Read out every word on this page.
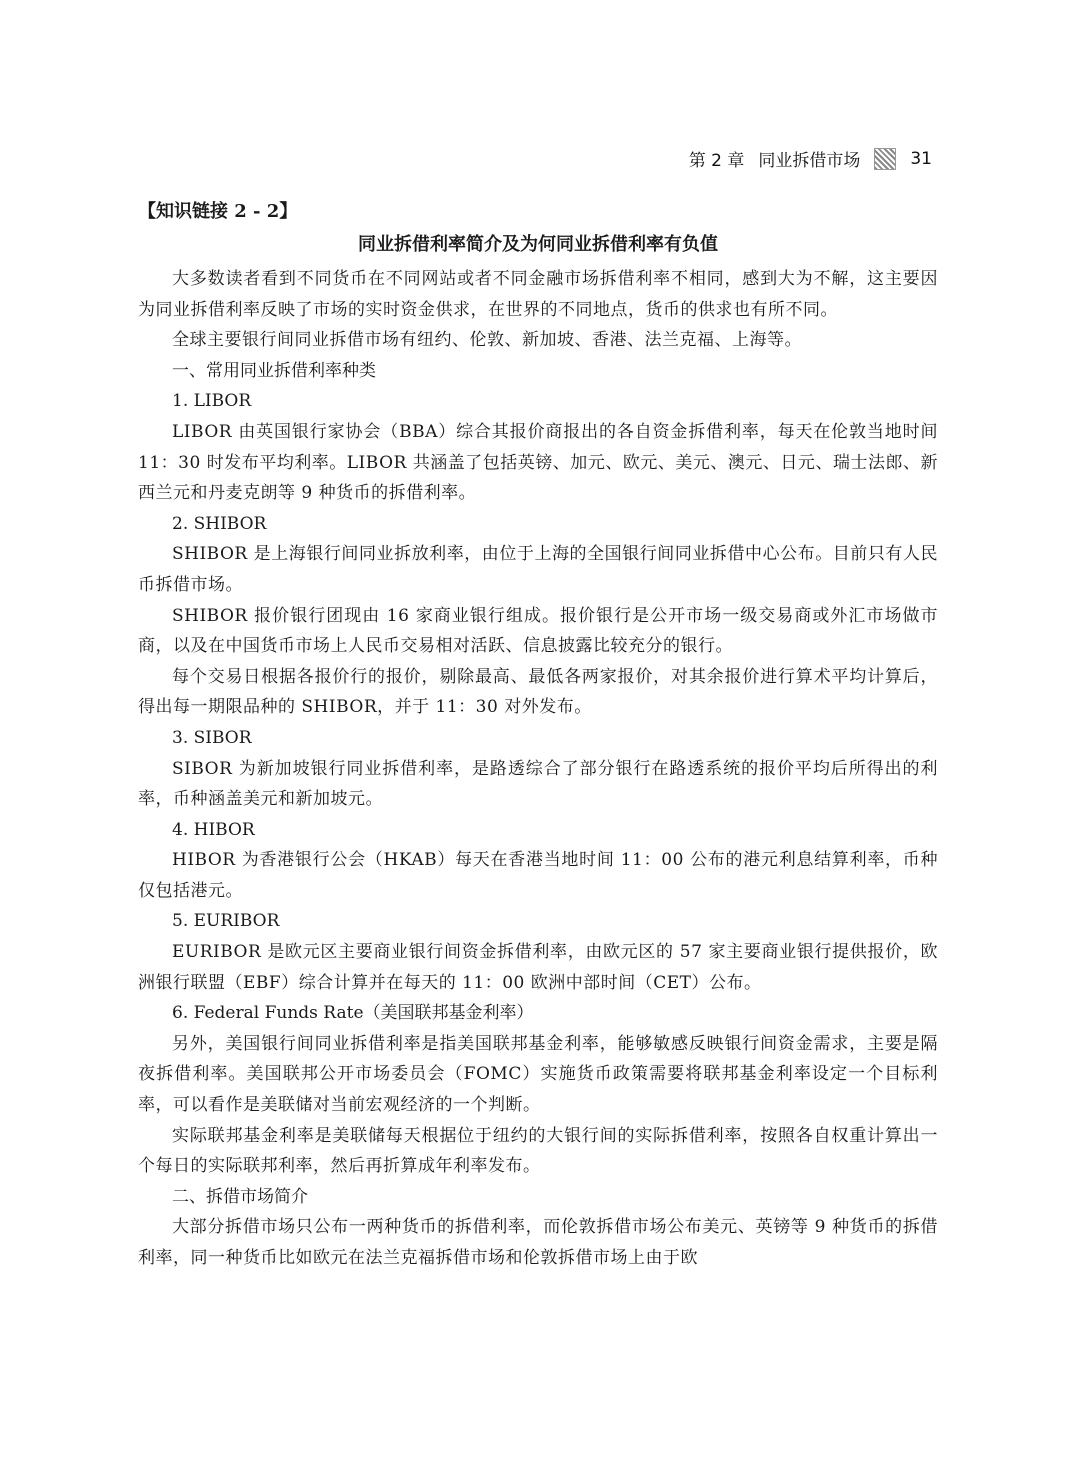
第 2 章 同业拆借市场	31
【知识链接 2 - 2】
同业拆借利率简介及为何同业拆借利率有负值

大多数读者看到不同货币在不同网站或者不同金融市场拆借利率不相同，感到大为不解，这主要因为同业拆借利率反映了市场的实时资金供求，在世界的不同地点，货币的供求也有所不同。

全球主要银行间同业拆借市场有纽约、伦敦、新加坡、香港、法兰克福、上海等。

一、常用同业拆借利率种类

1. LIBOR

LIBOR 由英国银行家协会（BBA）综合其报价商报出的各自资金拆借利率，每天在伦敦当地时间 11：30 时发布平均利率。LIBOR 共涵盖了包括英镑、加元、欧元、美元、澳元、日元、瑞士法郎、新西兰元和丹麦克朗等 9 种货币的拆借利率。

2. SHIBOR

SHIBOR 是上海银行间同业拆放利率，由位于上海的全国银行间同业拆借中心公布。目前只有人民币拆借市场。

SHIBOR 报价银行团现由 16 家商业银行组成。报价银行是公开市场一级交易商或外汇市场做市商，以及在中国货币市场上人民币交易相对活跃、信息披露比较充分的银行。

每个交易日根据各报价行的报价，剔除最高、最低各两家报价，对其余报价进行算术平均计算后，得出每一期限品种的 SHIBOR，并于 11：30 对外发布。

3. SIBOR

SIBOR 为新加坡银行同业拆借利率，是路透综合了部分银行在路透系统的报价平均后所得出的利率，币种涵盖美元和新加坡元。

4. HIBOR

HIBOR 为香港银行公会（HKAB）每天在香港当地时间 11：00 公布的港元利息结算利率，币种仅包括港元。

5. EURIBOR

EURIBOR 是欧元区主要商业银行间资金拆借利率，由欧元区的 57 家主要商业银行提供报价，欧洲银行联盟（EBF）综合计算并在每天的 11：00 欧洲中部时间（CET）公布。

6. Federal Funds Rate（美国联邦基金利率）

另外，美国银行间同业拆借利率是指美国联邦基金利率，能够敏感反映银行间资金需求，主要是隔夜拆借利率。美国联邦公开市场委员会（FOMC）实施货币政策需要将联邦基金利率设定一个目标利率，可以看作是美联储对当前宏观经济的一个判断。

实际联邦基金利率是美联储每天根据位于纽约的大银行间的实际拆借利率，按照各自权重计算出一个每日的实际联邦利率，然后再折算成年利率发布。

二、拆借市场简介

大部分拆借市场只公布一两种货币的拆借利率，而伦敦拆借市场公布美元、英镑等 9 种货币的拆借利率，同一种货币比如欧元在法兰克福拆借市场和伦敦拆借市场上由于欧
